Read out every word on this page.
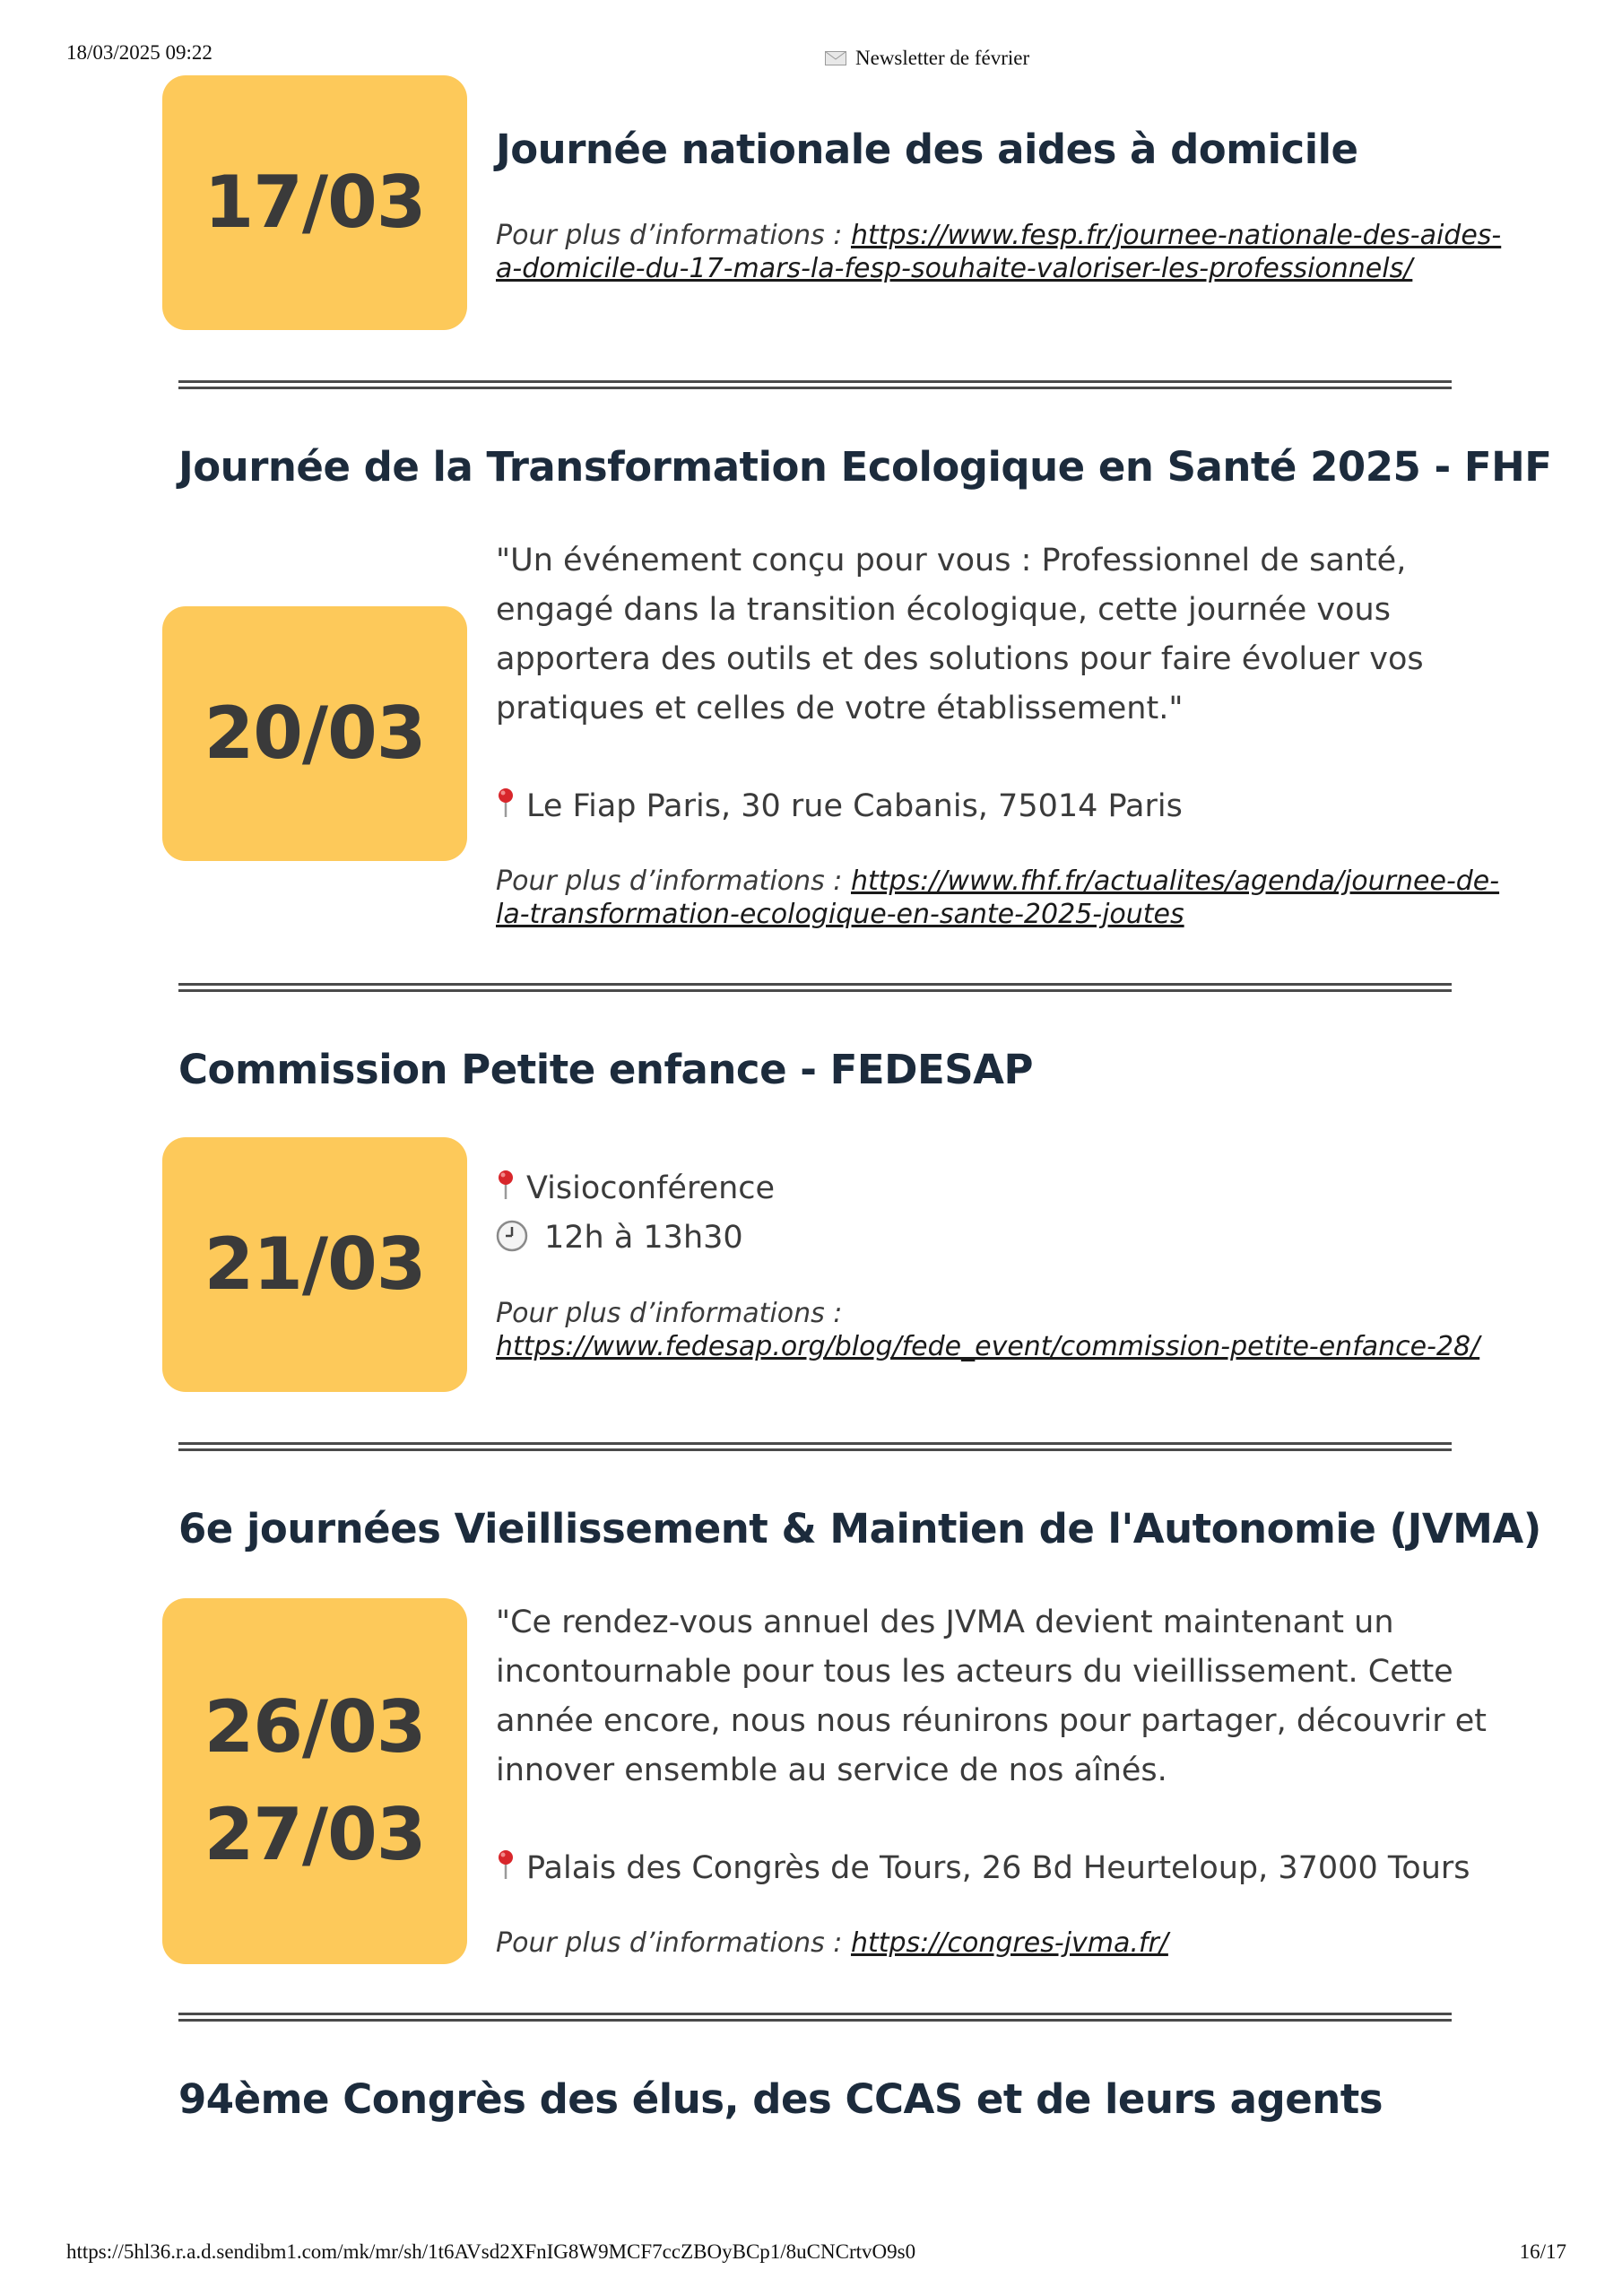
18/03/2025 09:22	Newsletter de février
17/03
Journée nationale des aides à domicile
Pour plus d’informations : https://www.fesp.fr/journee-nationale-des-aides-
a-domicile-du-17-mars-la-fesp-souhaite-valoriser-les-professionnels/
Journée de la Transformation Ecologique en Santé 2025 - FHF
20/03
"Un événement conçu pour vous : Professionnel de santé,
engagé dans la transition écologique, cette journée vous
apportera des outils et des solutions pour faire évoluer vos
pratiques et celles de votre établissement."
Le Fiap Paris, 30 rue Cabanis, 75014 Paris
Pour plus d’informations : https://www.fhf.fr/actualites/agenda/journee-de-
la-transformation-ecologique-en-sante-2025-joutes
Commission Petite enfance - FEDESAP
21/03
Visioconférence
12h à 13h30
Pour plus d’informations :
https://www.fedesap.org/blog/fede_event/commission-petite-enfance-28/
6e journées Vieillissement & Maintien de l'Autonomie (JVMA)
26/03
27/03
"Ce rendez-vous annuel des JVMA devient maintenant un
incontournable pour tous les acteurs du vieillissement. Cette
année encore, nous nous réunirons pour partager, découvrir et
innover ensemble au service de nos aînés.
Palais des Congrès de Tours, 26 Bd Heurteloup, 37000 Tours
Pour plus d’informations : https://congres-jvma.fr/
94ème Congrès des élus, des CCAS et de leurs agents
https://5hl36.r.a.d.sendibm1.com/mk/mr/sh/1t6AVsd2XFnIG8W9MCF7ccZBOyBCp1/8uCNCrtvO9s0	16/17
